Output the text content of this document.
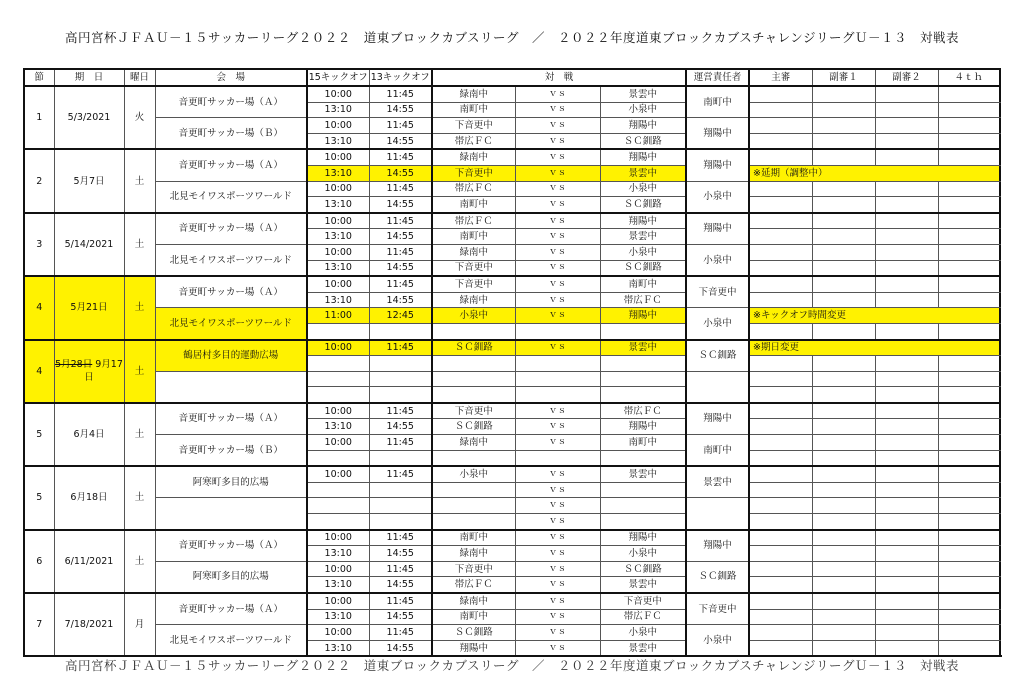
高円宮杯ＪＦＡＵ－１５サッカーリーグ２０２２　道東ブロックカブスリーグ　／　２０２２年度道東ブロックカブスチャレンジリーグＵ－１３　対戦表
節	期　日	曜日	会　場	15キックオフ	13キックオフ	対　戦			運営責任者	主審	副審１	副審２	４ｔｈ	
1	5/3/2021	火	音更町サッカー場（Ａ）	10:00	11:45	緑南中	ｖｓ	景雲中	南町中					
				13:10	14:55	南町中	ｖｓ	小泉中						
			音更町サッカー場（Ｂ）	10:00	11:45	下音更中	ｖｓ	翔陽中	翔陽中					
				13:10	14:55	帯広ＦＣ	ｖｓ	ＳＣ釧路						
2	5月7日	土	音更町サッカー場（Ａ）	10:00	11:45	緑南中	ｖｓ	翔陽中	翔陽中					
				13:10	14:55	下音更中	ｖｓ	景雲中		※延期（調整中）				
			北見モイワスポーツワールド	10:00	11:45	帯広ＦＣ	ｖｓ	小泉中	小泉中					
				13:10	14:55	南町中	ｖｓ	ＳＣ釧路						
3	5/14/2021	土	音更町サッカー場（Ａ）	10:00	11:45	帯広ＦＣ	ｖｓ	翔陽中	翔陽中					
				13:10	14:55	南町中	ｖｓ	景雲中						
			北見モイワスポーツワールド	10:00	11:45	緑南中	ｖｓ	小泉中	小泉中					
				13:10	14:55	下音更中	ｖｓ	ＳＣ釧路						
4	5月21日	土	音更町サッカー場（Ａ）	10:00	11:45	下音更中	ｖｓ	南町中	下音更中					
				13:10	14:55	緑南中	ｖｓ	帯広ＦＣ						
			北見モイワスポーツワールド	11:00	12:45	小泉中	ｖｓ	翔陽中	小泉中	※キックオフ時間変更				

4	5月28日 9月17日	土	鶴居村多目的運動広場	10:00	11:45	ＳＣ釧路	ｖｓ	景雲中	ＳＣ釧路	※期日変更				

5	6月4日	土	音更町サッカー場（Ａ）	10:00	11:45	下音更中	ｖｓ	帯広ＦＣ	翔陽中					
				13:10	14:55	ＳＣ釧路	ｖｓ	翔陽中						
			音更町サッカー場（Ｂ）	10:00	11:45	緑南中	ｖｓ	南町中	南町中					

5	6月18日	土	阿寒町多目的広場	10:00	11:45	小泉中	ｖｓ	景雲中	景雲中					
							ｖｓ							
							ｖｓ							
							ｖｓ							
6	6/11/2021	土	音更町サッカー場（Ａ）	10:00	11:45	南町中	ｖｓ	翔陽中	翔陽中					
				13:10	14:55	緑南中	ｖｓ	小泉中						
			阿寒町多目的広場	10:00	11:45	下音更中	ｖｓ	ＳＣ釧路	ＳＣ釧路					
				13:10	14:55	帯広ＦＣ	ｖｓ	景雲中						
7	7/18/2021	月	音更町サッカー場（Ａ）	10:00	11:45	緑南中	ｖｓ	下音更中	下音更中					
				13:10	14:55	南町中	ｖｓ	帯広ＦＣ						
			北見モイワスポーツワールド	10:00	11:45	ＳＣ釧路	ｖｓ	小泉中	小泉中					
				13:10	14:55	翔陽中	ｖｓ	景雲中						
高円宮杯ＪＦＡＵ－１５サッカーリーグ２０２２　道東ブロックカブスリーグ　／　２０２２年度道東ブロックカブスチャレンジリーグＵ－１３　対戦表
